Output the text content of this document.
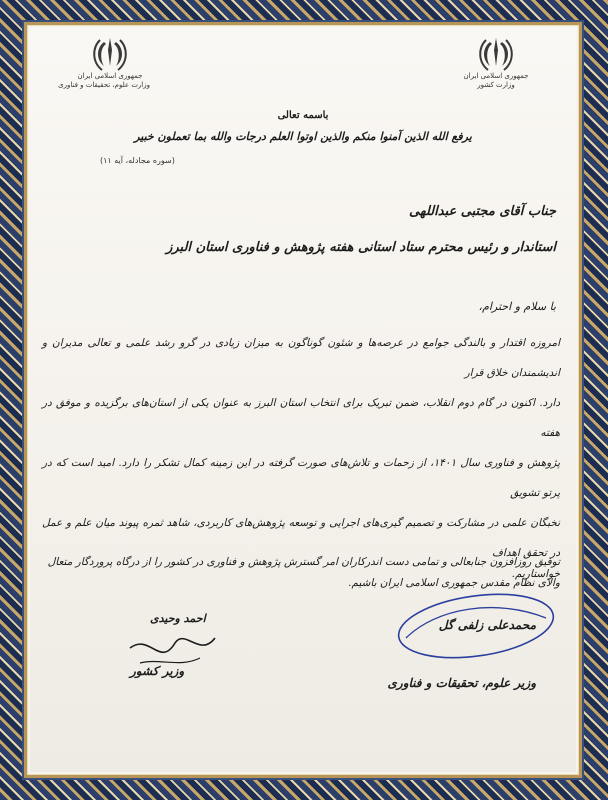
جمهوری اسلامی ایران
وزارت کشور
جمهوری اسلامی ایران
وزارت علوم، تحقیقات و فناوری
باسمه تعالی
یرفع الله الذین آمنوا منکم والذین اوتوا العلم درجات والله بما تعملون خبیر
(سوره مجادله، آیه ۱۱)
جناب آقای مجتبی عبداللهی
استاندار و رئیس محترم ستاد استانی هفته پژوهش و فناوری استان البرز
با سلام و احترام،

امروزه اقتدار و بالندگی جوامع در عرصه‌ها و شئون گوناگون به میزان زیادی در گرو رشد علمی و تعالی مدیران و اندیشمندان خلاق قرار

دارد. اکنون در گام دوم انقلاب، ضمن تبریک برای انتخاب استان البرز به عنوان یکی از استان‌های برگزیده و موفق در هفته

پژوهش و فناوری سال ۱۴۰۱، از زحمات و تلاش‌های صورت گرفته در این زمینه کمال تشکر را دارد. امید است که در پرتو تشویق

نخبگان علمی در مشارکت و تصمیم گیری‌های اجرایی و توسعه پژوهش‌های کاربردی، شاهد ثمره پیوند میان علم و عمل در تحقق اهداف

والای نظام مقدس جمهوری اسلامی ایران باشیم.

توفیق روزافزون جنابعالی و تمامی دست اندرکاران امر گسترش پژوهش و فناوری در کشور را از درگاه پروردگار متعال خواستاریم.
محمدعلی زلفی گل
وزیر علوم، تحقیقات و فناوری
احمد وحیدی
وزیر کشور
